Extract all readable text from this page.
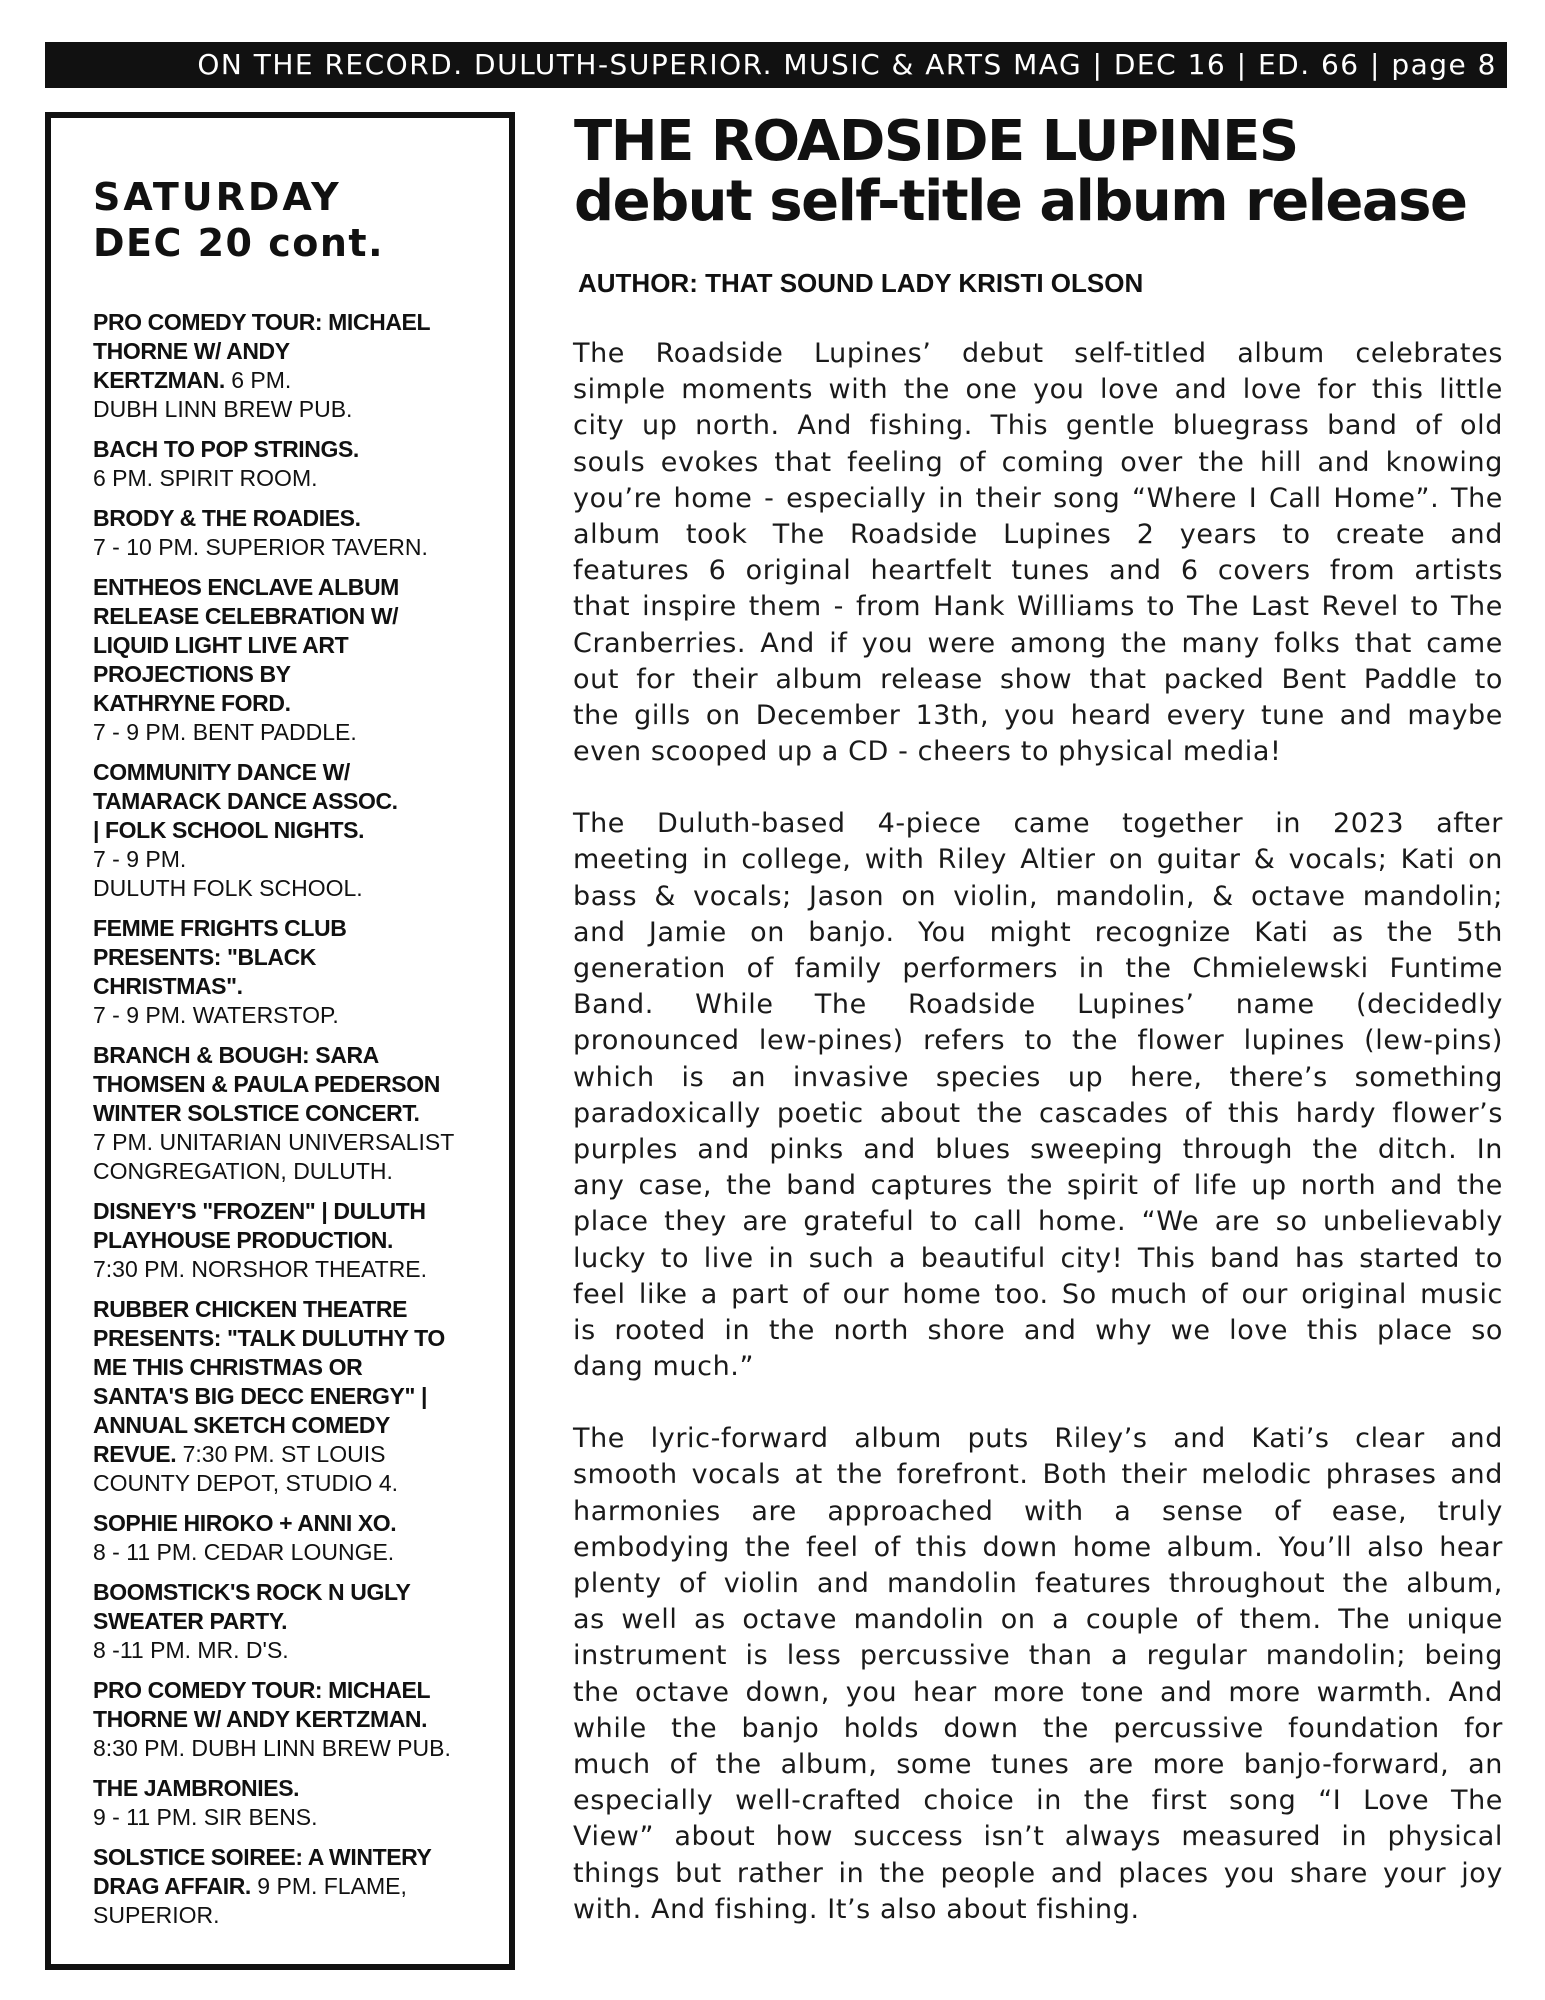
ON THE RECORD. DULUTH-SUPERIOR. MUSIC & ARTS MAG | DEC 16 | ED. 66 | page 8
SATURDAY
DEC 20 cont.
PRO COMEDY TOUR: MICHAEL
THORNE W/ ANDY
KERTZMAN. 6 PM.
DUBH LINN BREW PUB.
BACH TO POP STRINGS.
6 PM. SPIRIT ROOM.
BRODY & THE ROADIES.
7 - 10 PM. SUPERIOR TAVERN.
ENTHEOS ENCLAVE ALBUM
RELEASE CELEBRATION W/
LIQUID LIGHT LIVE ART
PROJECTIONS BY
KATHRYNE FORD.
7 - 9 PM. BENT PADDLE.
COMMUNITY DANCE W/
TAMARACK DANCE ASSOC.
| FOLK SCHOOL NIGHTS.
7 - 9 PM.
DULUTH FOLK SCHOOL.
FEMME FRIGHTS CLUB
PRESENTS: "BLACK
CHRISTMAS".
7 - 9 PM. WATERSTOP.
BRANCH & BOUGH: SARA
THOMSEN & PAULA PEDERSON
WINTER SOLSTICE CONCERT.
7 PM. UNITARIAN UNIVERSALIST
CONGREGATION, DULUTH.
DISNEY'S "FROZEN" | DULUTH
PLAYHOUSE PRODUCTION.
7:30 PM. NORSHOR THEATRE.
RUBBER CHICKEN THEATRE
PRESENTS: "TALK DULUTHY TO
ME THIS CHRISTMAS OR
SANTA'S BIG DECC ENERGY" |
ANNUAL SKETCH COMEDY
REVUE. 7:30 PM. ST LOUIS
COUNTY DEPOT, STUDIO 4.
SOPHIE HIROKO + ANNI XO.
8 - 11 PM. CEDAR LOUNGE.
BOOMSTICK'S ROCK N UGLY
SWEATER PARTY.
8 -11 PM. MR. D'S.
PRO COMEDY TOUR: MICHAEL
THORNE W/ ANDY KERTZMAN.
8:30 PM. DUBH LINN BREW PUB.
THE JAMBRONIES.
9 - 11 PM. SIR BENS.
SOLSTICE SOIREE: A WINTERY
DRAG AFFAIR. 9 PM. FLAME,
SUPERIOR.
THE ROADSIDE LUPINES
debut self-title album release
AUTHOR: THAT SOUND LADY KRISTI OLSON
The Roadside Lupines’ debut self-titled album celebrates
simple moments with the one you love and love for this little
city up north. And fishing. This gentle bluegrass band of old
souls evokes that feeling of coming over the hill and knowing
you’re home - especially in their song “Where I Call Home”. The
album took The Roadside Lupines 2 years to create and
features 6 original heartfelt tunes and 6 covers from artists
that inspire them - from Hank Williams to The Last Revel to The
Cranberries. And if you were among the many folks that came
out for their album release show that packed Bent Paddle to
the gills on December 13th, you heard every tune and maybe
even scooped up a CD - cheers to physical media!
The Duluth-based 4-piece came together in 2023 after
meeting in college, with Riley Altier on guitar & vocals; Kati on
bass & vocals; Jason on violin, mandolin, & octave mandolin;
and Jamie on banjo. You might recognize Kati as the 5th
generation of family performers in the Chmielewski Funtime
Band. While The Roadside Lupines’ name (decidedly
pronounced lew-pines) refers to the flower lupines (lew-pins)
which is an invasive species up here, there’s something
paradoxically poetic about the cascades of this hardy flower’s
purples and pinks and blues sweeping through the ditch. In
any case, the band captures the spirit of life up north and the
place they are grateful to call home. “We are so unbelievably
lucky to live in such a beautiful city! This band has started to
feel like a part of our home too. So much of our original music
is rooted in the north shore and why we love this place so
dang much.”
The lyric-forward album puts Riley’s and Kati’s clear and
smooth vocals at the forefront. Both their melodic phrases and
harmonies are approached with a sense of ease, truly
embodying the feel of this down home album. You’ll also hear
plenty of violin and mandolin features throughout the album,
as well as octave mandolin on a couple of them. The unique
instrument is less percussive than a regular mandolin; being
the octave down, you hear more tone and more warmth. And
while the banjo holds down the percussive foundation for
much of the album, some tunes are more banjo-forward, an
especially well-crafted choice in the first song “I Love The
View” about how success isn’t always measured in physical
things but rather in the people and places you share your joy
with. And fishing. It’s also about fishing.
